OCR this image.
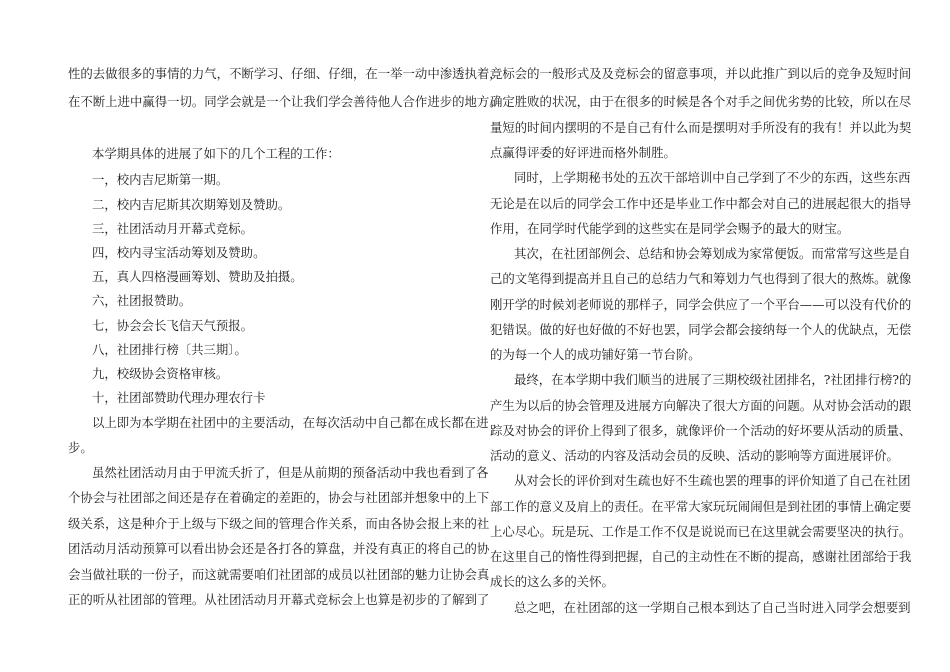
性的去做很多的事情的力气，不断学习、仔细、仔细，在一举一动中渗透执着，
在不断上进中赢得一切。同学会就是一个让我们学会善待他人合作进步的地方。
本学期具体的进展了如下的几个工程的工作：
一，校内吉尼斯第一期。
二，校内吉尼斯其次期筹划及赞助。
三，社团活动月开幕式竞标。
四，校内寻宝活动筹划及赞助。
五，真人四格漫画筹划、赞助及拍摄。
六，社团报赞助。
七，协会会长飞信天气预报。
八，社团排行榜〔共三期〕。
九，校级协会资格审核。
十，社团部赞助代理办理农行卡
以上即为本学期在社团中的主要活动，在每次活动中自己都在成长都在进
步。
虽然社团活动月由于甲流夭折了，但是从前期的预备活动中我也看到了各
个协会与社团部之间还是存在着确定的差距的，协会与社团部并想象中的上下
级关系，这是种介于上级与下级之间的管理合作关系，而由各协会报上来的社
团活动月活动预算可以看出协会还是各打各的算盘，并没有真正的将自己的协
会当做社联的一份子，而这就需要咱们社团部的成员以社团部的魅力让协会真
正的听从社团部的管理。从社团活动月开幕式竞标会上也算是初步的了解到了
竞标会的一般形式及及竞标会的留意事项，并以此推广到以后的竞争及短时间
确定胜败的状况，由于在很多的时候是各个对手之间优劣势的比较，所以在尽
量短的时间内摆明的不是自己有什么而是摆明对手所没有的我有！并以此为契
点赢得评委的好评进而格外制胜。
同时，上学期秘书处的五次干部培训中自己学到了不少的东西，这些东西
无论是在以后的同学会工作中还是毕业工作中都会对自己的进展起很大的指导
作用，在同学时代能学到的这些实在是同学会赐予的最大的财宝。
其次，在社团部例会、总结和协会筹划成为家常便饭。而常常写这些是自
己的文笔得到提高并且自己的总结力气和筹划力气也得到了很大的熬炼。就像
刚开学的时候刘老师说的那样子，同学会供应了一个平台——可以没有代价的
犯错误。做的好也好做的不好也罢，同学会都会接纳每一个人的优缺点，无偿
的为每一个人的成功铺好第一节台阶。
最终，在本学期中我们顺当的进展了三期校级社团排名，?社团排行榜?的
产生为以后的协会管理及进展方向解决了很大方面的问题。从对协会活动的跟
踪及对协会的评价上得到了很多，就像评价一个活动的好坏要从活动的质量、
活动的意义、活动的内容及活动会员的反映、活动的影响等方面进展评价。
从对会长的评价到对生疏也好不生疏也罢的理事的评价知道了自己在社团
部工作的意义及肩上的责任。在平常大家玩玩闹闹但是到社团的事情上确定要
上心尽心。玩是玩、工作是工作不仅是说说而已在这里就会需要坚决的执行。
在这里自己的惰性得到把握，自己的主动性在不断的提高，感谢社团部给于我
成长的这么多的关怀。
总之吧，在社团部的这一学期自己根本到达了自己当时进入同学会想要到
